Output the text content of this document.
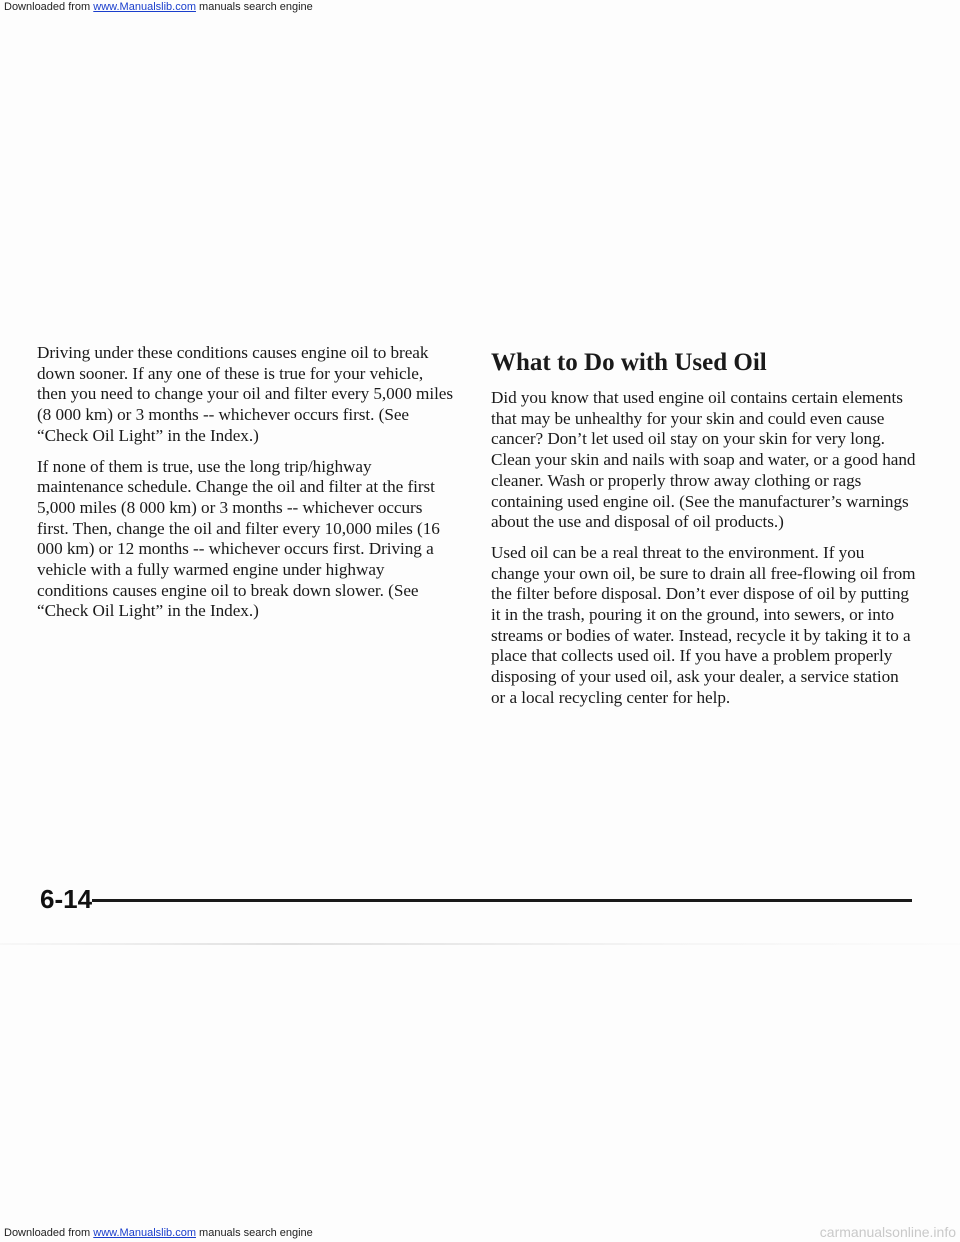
Downloaded from www.Manualslib.com manuals search engine

Driving under these conditions causes engine oil to break down sooner. If any one of these is true for your vehicle, then you need to change your oil and filter every 5,000 miles (8 000 km) or 3 months -- whichever occurs first. (See “Check Oil Light” in the Index.)

If none of them is true, use the long trip/highway maintenance schedule. Change the oil and filter at the first 5,000 miles (8 000 km) or 3 months -- whichever occurs first. Then, change the oil and filter every 10,000 miles (16 000 km) or 12 months -- whichever occurs first. Driving a vehicle with a fully warmed engine under highway conditions causes engine oil to break down slower. (See “Check Oil Light” in the Index.)

What to Do with Used Oil

Did you know that used engine oil contains certain elements that may be unhealthy for your skin and could even cause cancer? Don’t let used oil stay on your skin for very long. Clean your skin and nails with soap and water, or a good hand cleaner. Wash or properly throw away clothing or rags containing used engine oil. (See the manufacturer’s warnings about the use and disposal of oil products.)

Used oil can be a real threat to the environment. If you change your own oil, be sure to drain all free-flowing oil from the filter before disposal. Don’t ever dispose of oil by putting it in the trash, pouring it on the ground, into sewers, or into streams or bodies of water. Instead, recycle it by taking it to a place that collects used oil. If you have a problem properly disposing of your used oil, ask your dealer, a service station or a local recycling center for help.

6-14
Downloaded from www.Manualslib.com manuals search engine	carmanualsonline.info
